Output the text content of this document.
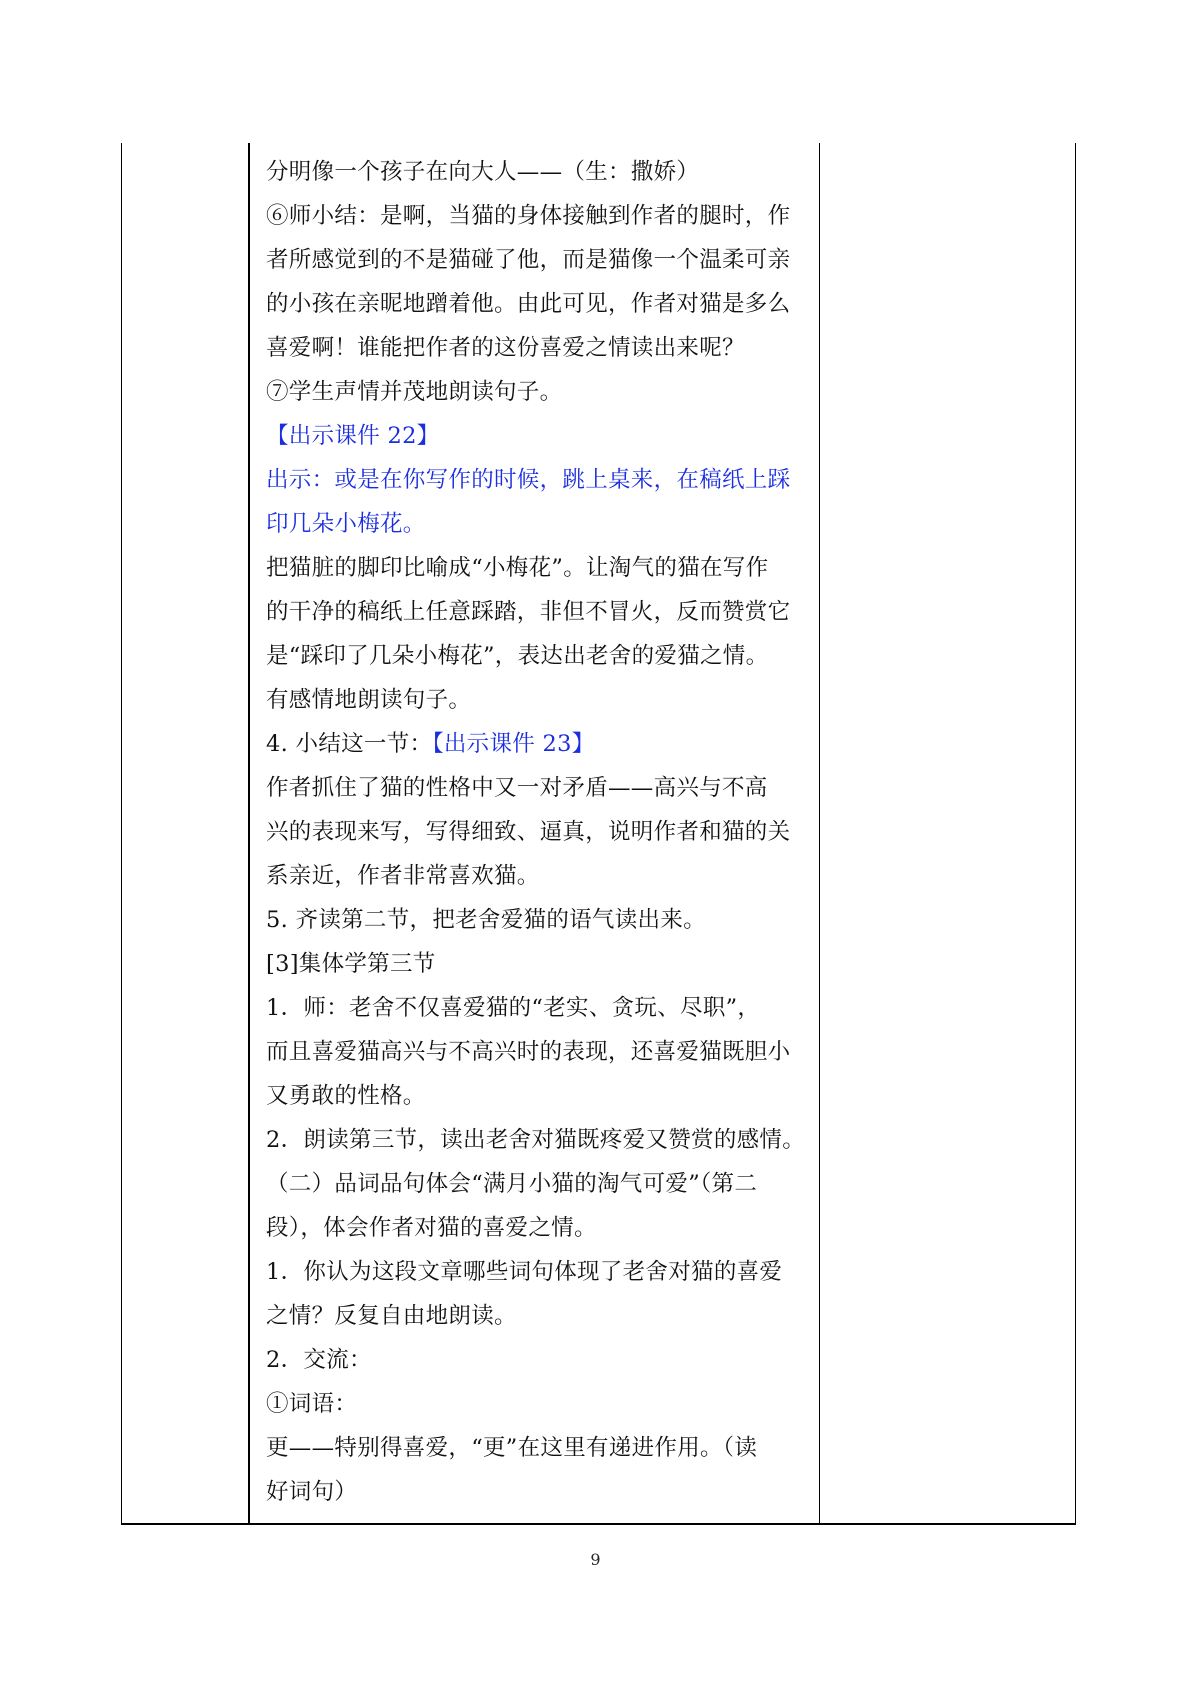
分明像一个孩子在向大人——（生：撒娇）
⑥师小结：是啊，当猫的身体接触到作者的腿时，作
者所感觉到的不是猫碰了他，而是猫像一个温柔可亲
的小孩在亲昵地蹭着他。由此可见，作者对猫是多么
喜爱啊！谁能把作者的这份喜爱之情读出来呢？
⑦学生声情并茂地朗读句子。
【出示课件 22】
出示：或是在你写作的时候，跳上桌来，在稿纸上踩
印几朵小梅花。
把猫脏的脚印比喻成“小梅花”。让淘气的猫在写作
的干净的稿纸上任意踩踏，非但不冒火，反而赞赏它
是“踩印了几朵小梅花”，表达出老舍的爱猫之情。
有感情地朗读句子。
4. 小结这一节：【出示课件 23】
作者抓住了猫的性格中又一对矛盾——高兴与不高
兴的表现来写，写得细致、逼真，说明作者和猫的关
系亲近，作者非常喜欢猫。
5. 齐读第二节，把老舍爱猫的语气读出来。
[3]集体学第三节
1．师：老舍不仅喜爱猫的“老实、贪玩、尽职”，
而且喜爱猫高兴与不高兴时的表现，还喜爱猫既胆小
又勇敢的性格。
2．朗读第三节，读出老舍对猫既疼爱又赞赏的感情。
（二）品词品句体会“满月小猫的淘气可爱”（第二
段），体会作者对猫的喜爱之情。
1．你认为这段文章哪些词句体现了老舍对猫的喜爱
之情？反复自由地朗读。
2．交流：
①词语：
更——特别得喜爱，“更”在这里有递进作用。（读
好词句）
9
